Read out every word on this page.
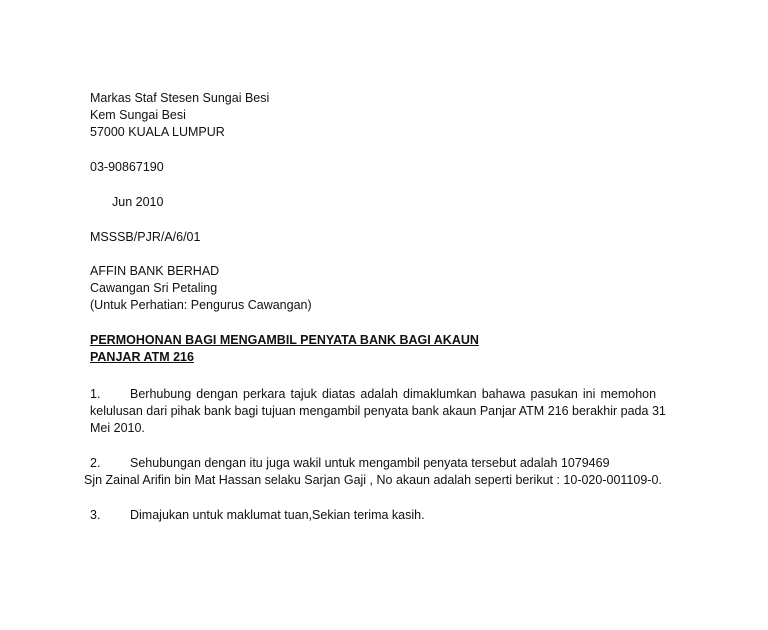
Markas Staf Stesen Sungai Besi
Kem Sungai Besi
57000 KUALA LUMPUR
03-90867190
Jun 2010
MSSSB/PJR/A/6/01
AFFIN BANK BERHAD
Cawangan Sri Petaling
(Untuk Perhatian: Pengurus Cawangan)
PERMOHONAN BAGI MENGAMBIL PENYATA BANK BAGI AKAUN
PANJAR ATM 216
1. Berhubung dengan perkara tajuk diatas adalah dimaklumkan bahawa pasukan ini memohon
kelulusan dari pihak bank bagi tujuan mengambil penyata bank akaun Panjar ATM 216 berakhir pada 31
Mei 2010.
2. Sehubungan dengan itu juga wakil untuk mengambil penyata tersebut adalah 1079469
Sjn Zainal Arifin bin Mat Hassan selaku Sarjan Gaji , No akaun adalah seperti berikut : 10-020-001109-0.
3. Dimajukan untuk maklumat tuan,Sekian terima kasih.
